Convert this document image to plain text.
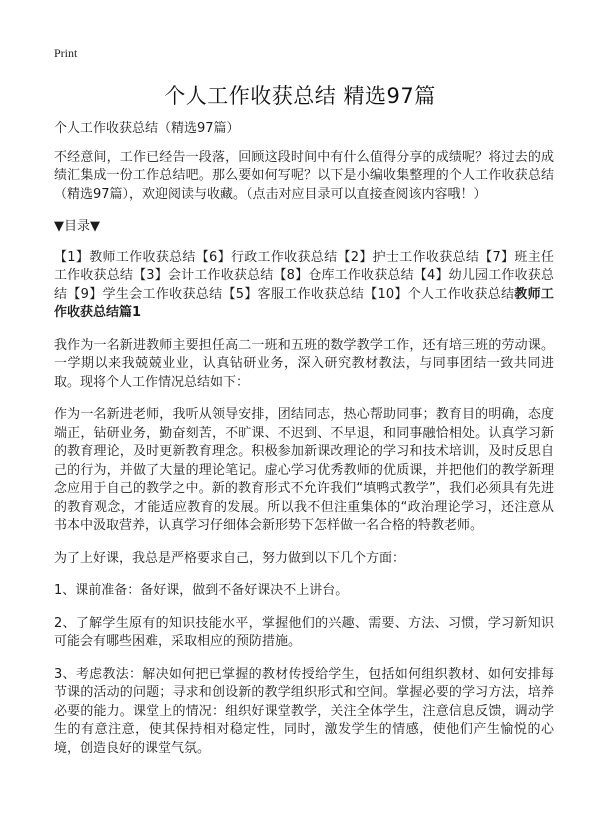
Print
个人工作收获总结 精选97篇

个人工作收获总结（精选97篇）

不经意间，工作已经告一段落，回顾这段时间中有什么值得分享的成绩呢？将过去的成绩汇集成一份工作总结吧。那么要如何写呢？以下是小编收集整理的个人工作收获总结（精选97篇），欢迎阅读与收藏。（点击对应目录可以直接查阅该内容哦！）

▼目录▼

【1】教师工作收获总结【6】行政工作收获总结【2】护士工作收获总结【7】班主任工作收获总结【3】会计工作收获总结【8】仓库工作收获总结【4】幼儿园工作收获总结【9】学生会工作收获总结【5】客服工作收获总结【10】个人工作收获总结教师工作收获总结篇1

我作为一名新进教师主要担任高二一班和五班的数学教学工作，还有培三班的劳动课。一学期以来我兢兢业业，认真钻研业务，深入研究教材教法，与同事团结一致共同进取。现将个人工作情况总结如下：

作为一名新进老师，我听从领导安排，团结同志，热心帮助同事；教育目的明确，态度端正，钻研业务，勤奋刻苦，不旷课、不迟到、不早退，和同事融恰相处。认真学习新的教育理论，及时更新教育理念。积极参加新课改理论的学习和技术培训，及时反思自己的行为，并做了大量的理论笔记。虚心学习优秀教师的优质课，并把他们的教学新理念应用于自己的教学之中。新的教育形式不允许我们“填鸭式教学”，我们必须具有先进的教育观念，才能适应教育的发展。所以我不但注重集体的“政治理论学习，还注意从书本中汲取营养，认真学习仔细体会新形势下怎样做一名合格的特教老师。

为了上好课，我总是严格要求自己，努力做到以下几个方面：

1、课前准备：备好课，做到不备好课决不上讲台。

2、了解学生原有的知识技能水平，掌握他们的兴趣、需要、方法、习惯，学习新知识可能会有哪些困难，采取相应的预防措施。

3、考虑教法：解决如何把已掌握的教材传授给学生，包括如何组织教材、如何安排每节课的活动的问题；寻求和创设新的教学组织形式和空间。掌握必要的学习方法，培养必要的能力。课堂上的情况：组织好课堂教学，关注全体学生，注意信息反馈，调动学生的有意注意，使其保持相对稳定性，同时，激发学生的情感，使他们产生愉悦的心境，创造良好的课堂气氛。
